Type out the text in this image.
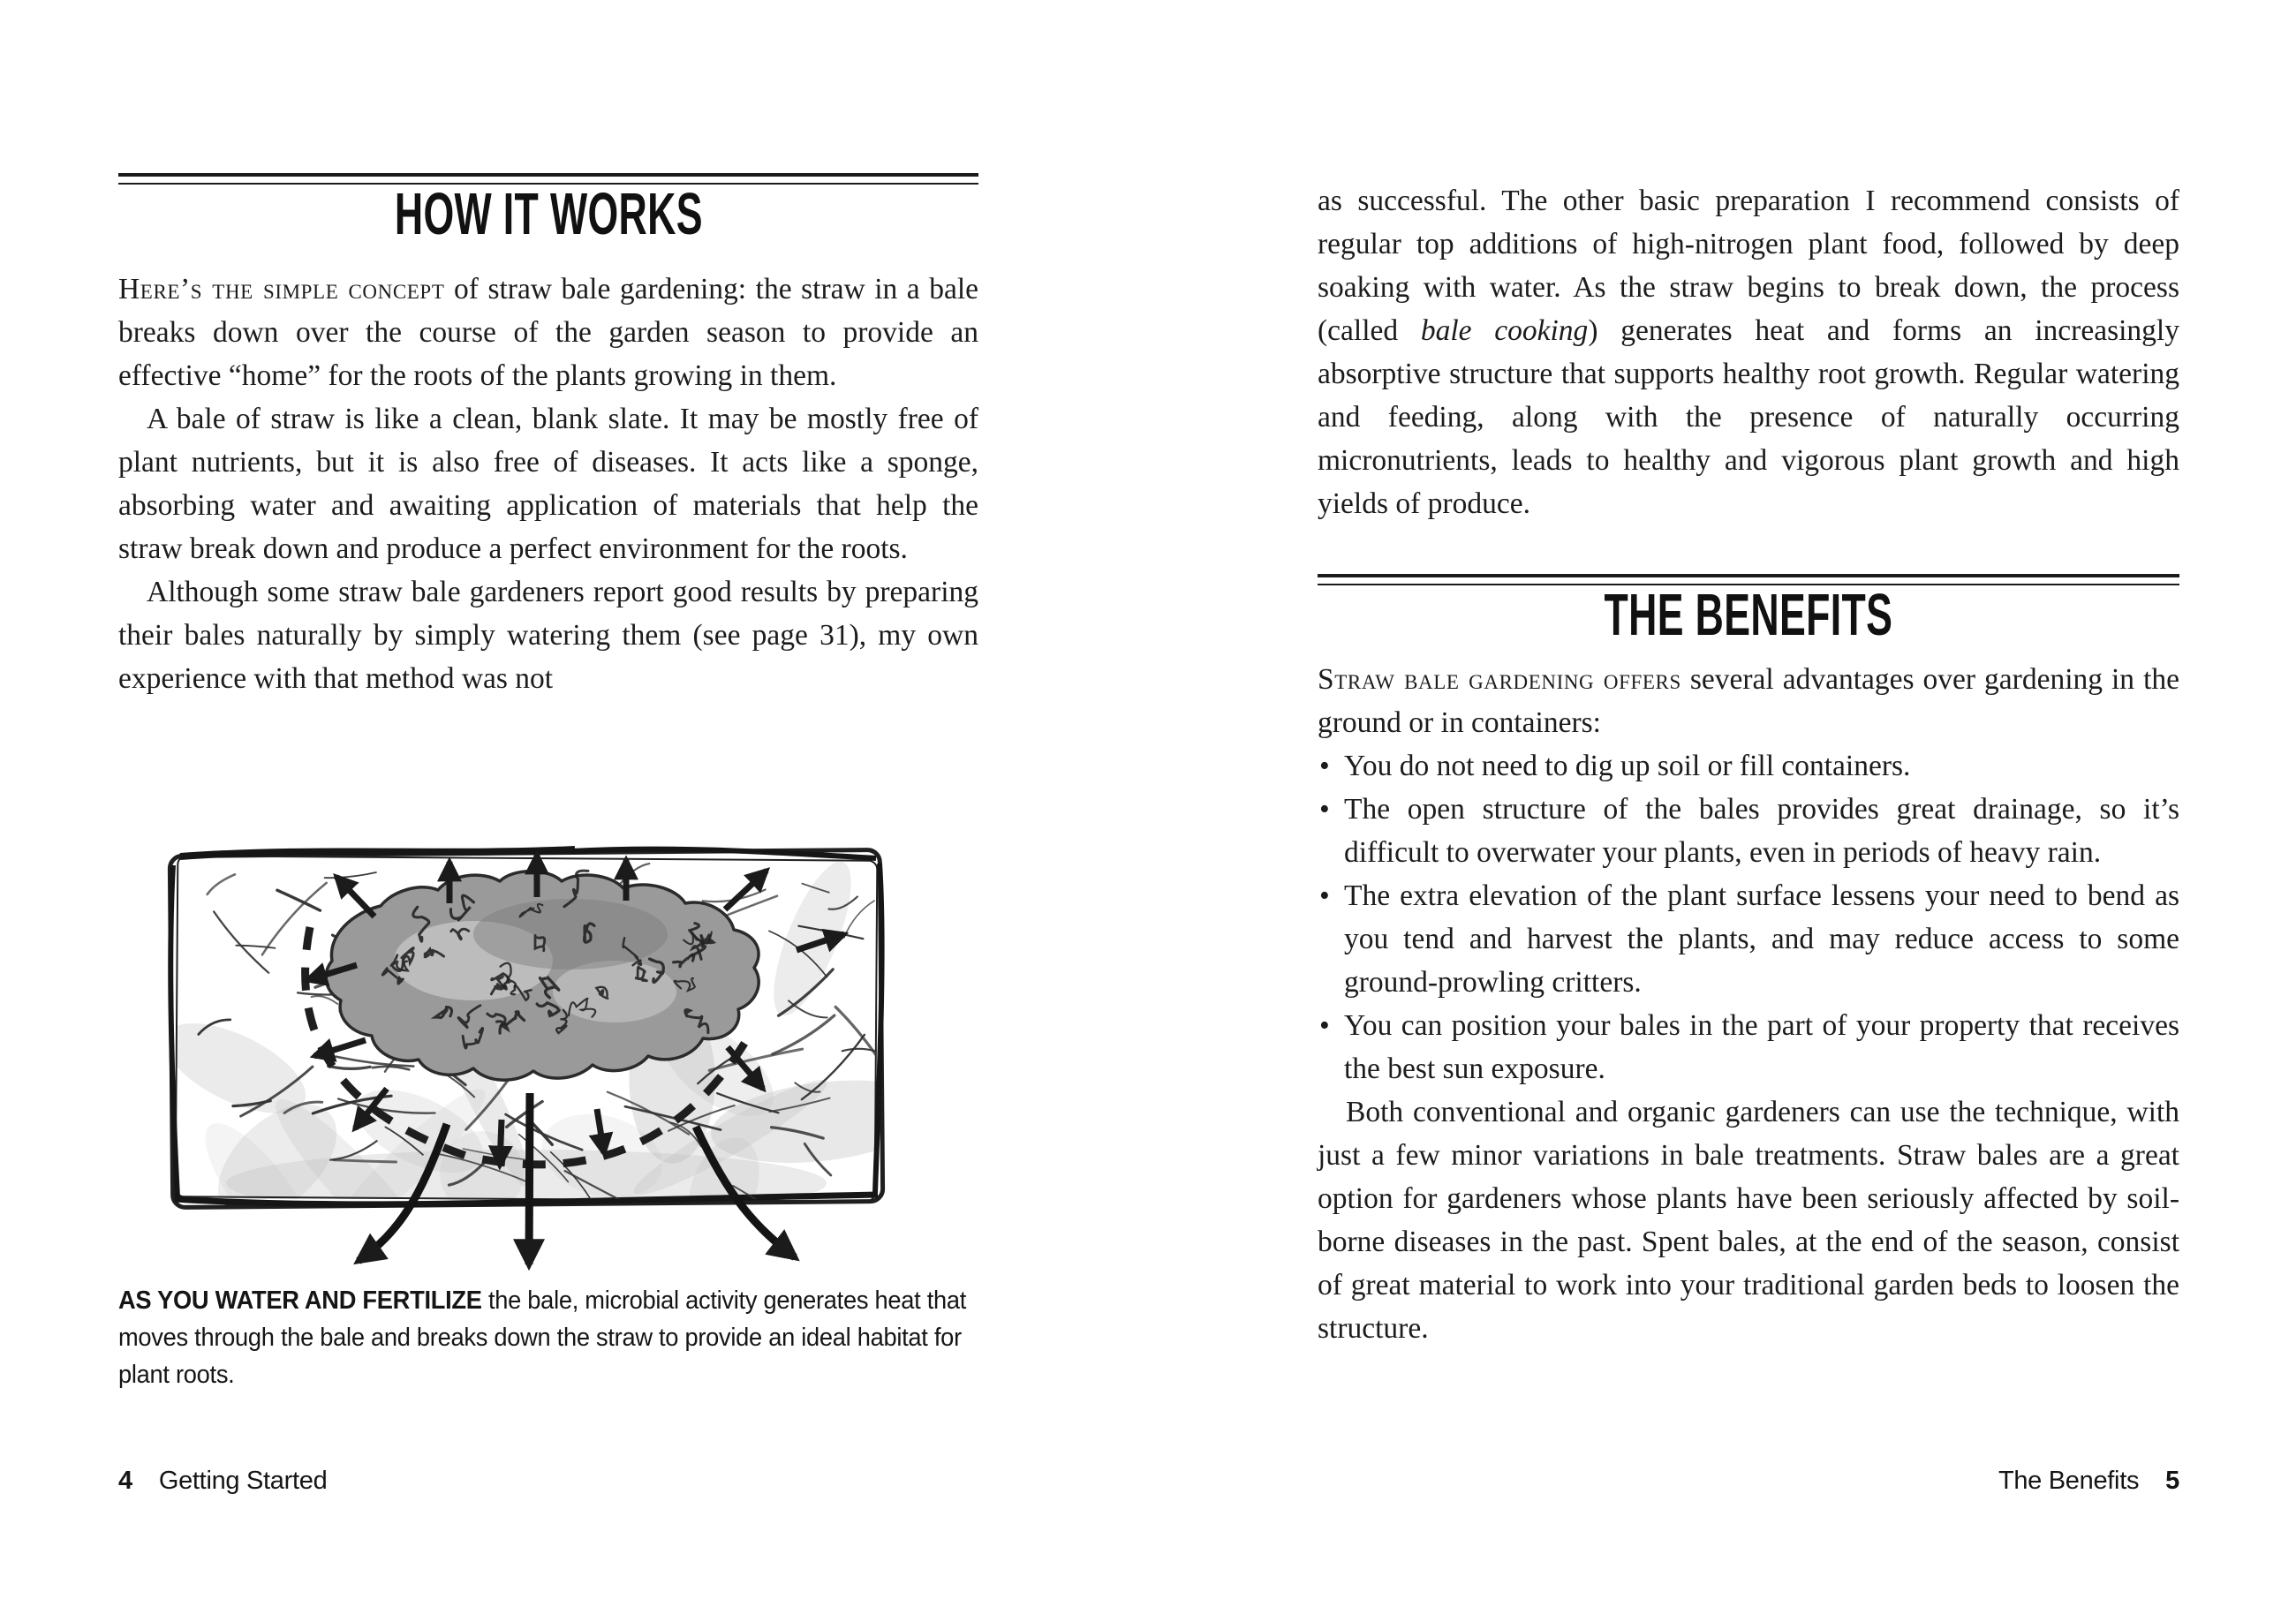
HOW IT WORKS

Here’s the simple concept of straw bale gardening: the straw in a bale breaks down over the course of the garden season to provide an effective “home” for the roots of the plants growing in them.

A bale of straw is like a clean, blank slate. It may be mostly free of plant nutrients, but it is also free of diseases. It acts like a sponge, absorbing water and awaiting application of materials that help the straw break down and produce a perfect environment for the roots.

Although some straw bale gardeners report good results by preparing their bales naturally by simply watering them (see page 31), my own experience with that method was not

AS YOU WATER AND FERTILIZE the bale, microbial activity generates heat that moves through the bale and breaks down the straw to provide an ideal habitat for plant roots.
4 Getting Started

as successful. The other basic preparation I recommend consists of regular top additions of high-nitrogen plant food, followed by deep soaking with water. As the straw begins to break down, the process (called bale cooking) generates heat and forms an increasingly absorptive structure that supports healthy root growth. Regular watering and feeding, along with the presence of naturally occurring micronutrients, leads to healthy and vigorous plant growth and high yields of produce.

THE BENEFITS

Straw bale gardening offers several advantages over gardening in the ground or in containers:

• You do not need to dig up soil or fill containers.
• The open structure of the bales provides great drainage, so it’s difficult to overwater your plants, even in periods of heavy rain.
• The extra elevation of the plant surface lessens your need to bend as you tend and harvest the plants, and may reduce access to some ground-prowling critters.
• You can position your bales in the part of your property that receives the best sun exposure.

Both conventional and organic gardeners can use the technique, with just a few minor variations in bale treatments. Straw bales are a great option for gardeners whose plants have been seriously affected by soil-borne diseases in the past. Spent bales, at the end of the season, consist of great material to work into your traditional garden beds to loosen the structure.

The Benefits 5
